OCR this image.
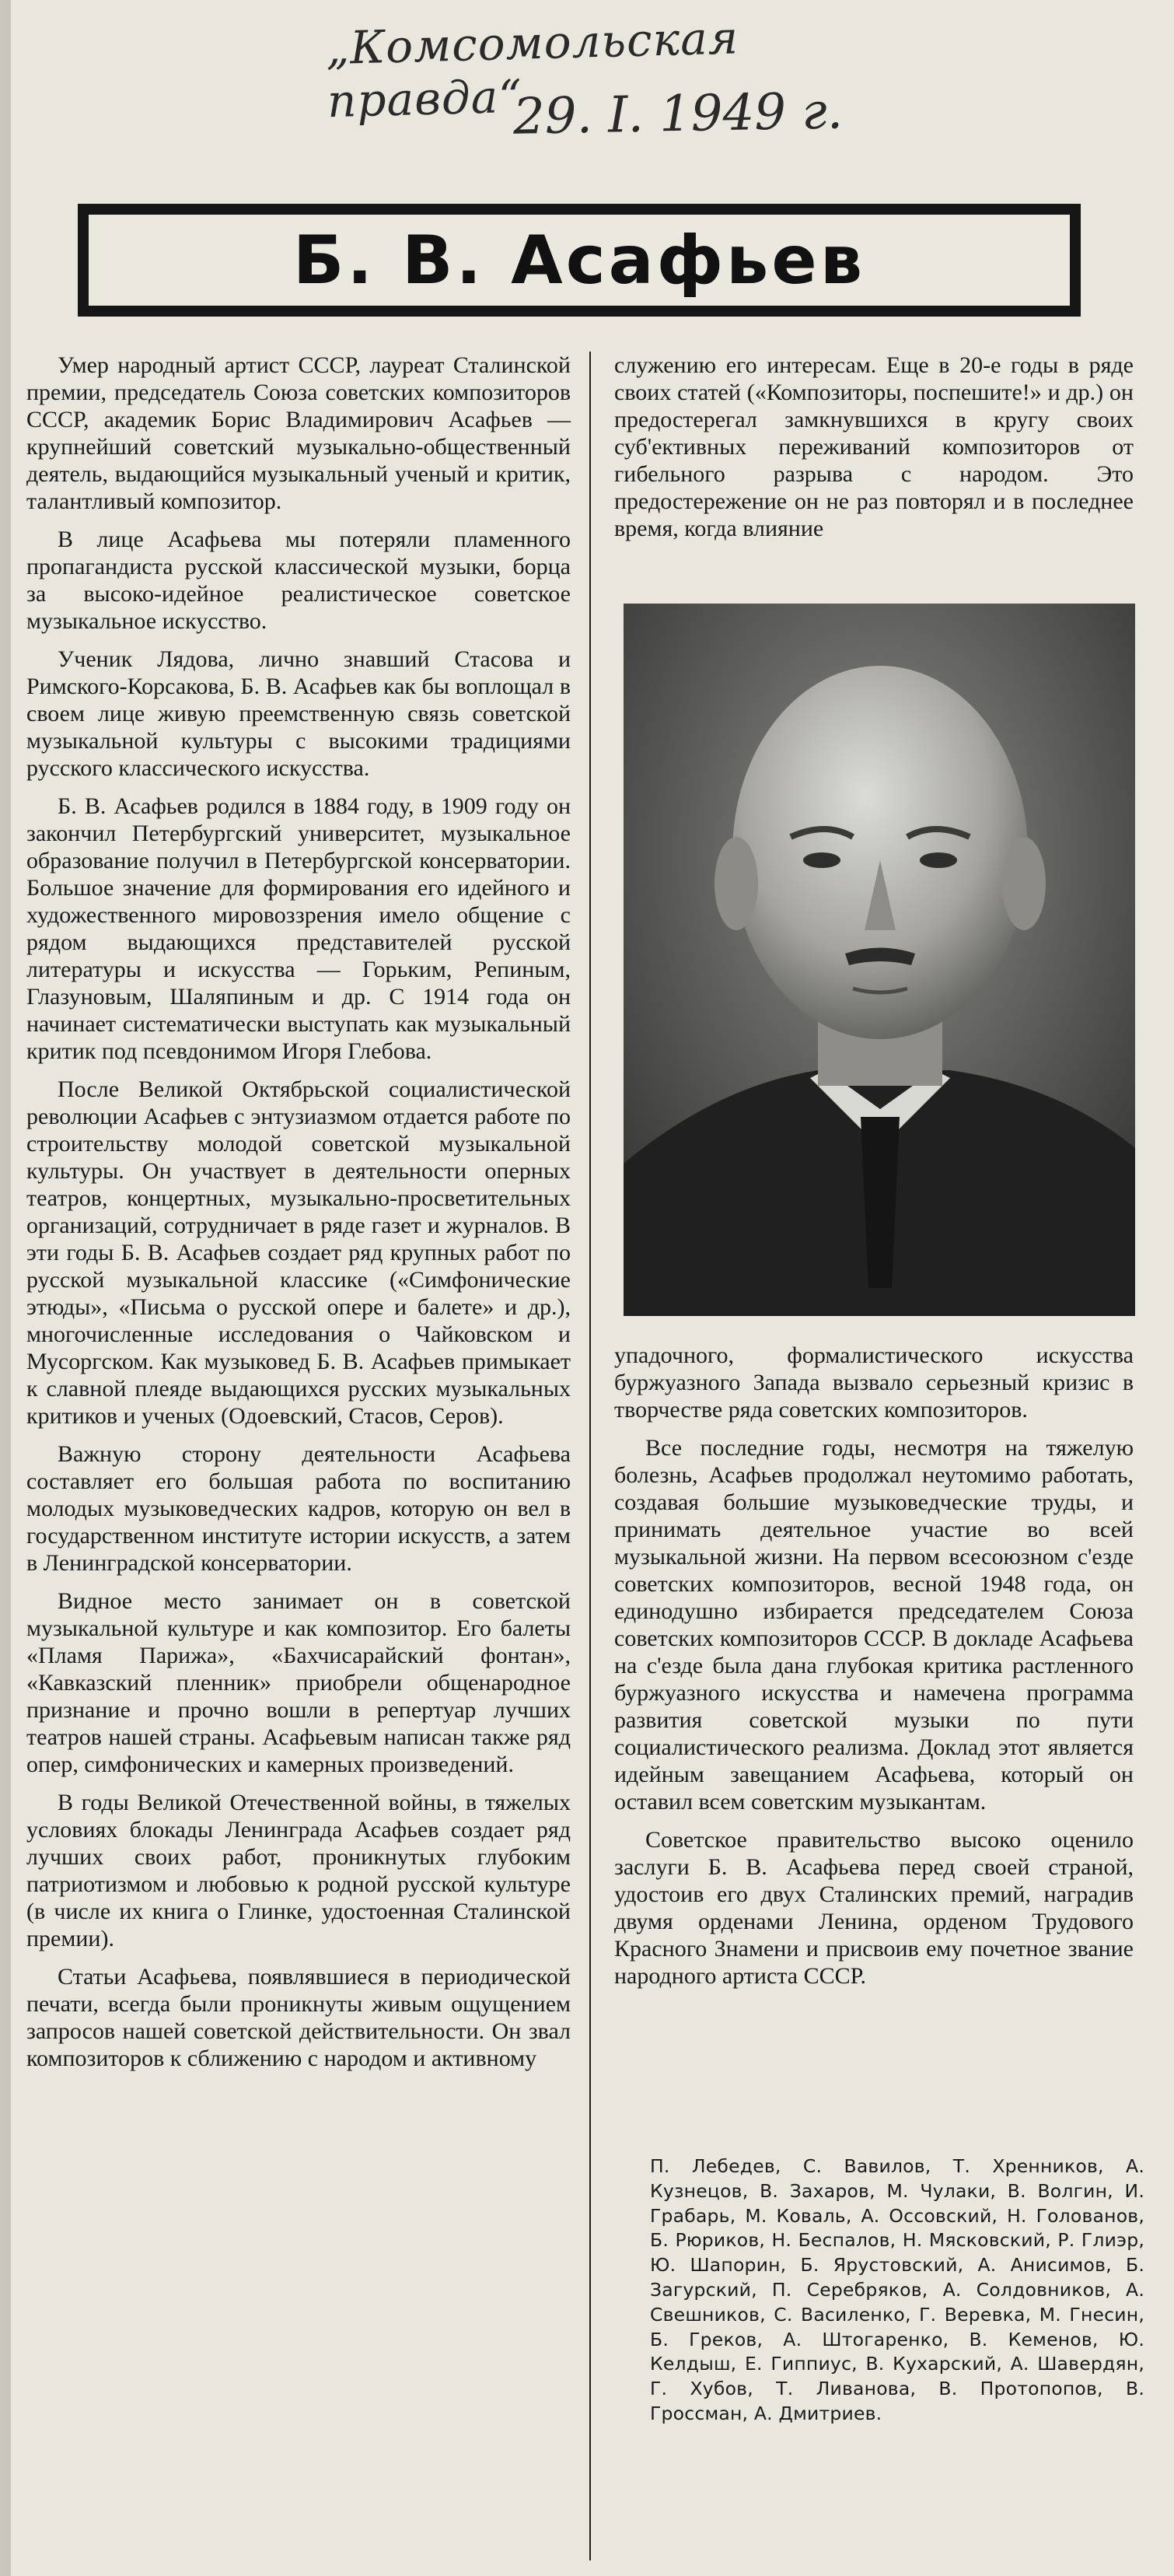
„Комсомольская правда“
29. I. 1949 г.
Б. В. Асафьев

Умер народный артист СССР, лауреат Сталинской премии, председатель Союза советских композиторов СССР, академик Борис Владимирович Асафьев — крупнейший советский музыкально-общественный деятель, выдающийся музыкальный ученый и критик, талантливый композитор.

В лице Асафьева мы потеряли пламенного пропагандиста русской классической музыки, борца за высоко-идейное реалистическое советское музыкальное искусство.

Ученик Лядова, лично знавший Стасова и Римского-Корсакова, Б. В. Асафьев как бы воплощал в своем лице живую преемственную связь советской музыкальной культуры с высокими традициями русского классического искусства.

Б. В. Асафьев родился в 1884 году, в 1909 году он закончил Петербургский университет, музыкальное образование получил в Петербургской консерватории. Большое значение для формирования его идейного и художественного мировоззрения имело общение с рядом выдающихся представителей русской литературы и искусства — Горьким, Репиным, Глазуновым, Шаляпиным и др. С 1914 года он начинает систематически выступать как музыкальный критик под псевдонимом Игоря Глебова.

После Великой Октябрьской социалистической революции Асафьев с энтузиазмом отдается работе по строительству молодой советской музыкальной культуры. Он участвует в деятельности оперных театров, концертных, музыкально-просветительных организаций, сотрудничает в ряде газет и журналов. В эти годы Б. В. Асафьев создает ряд крупных работ по русской музыкальной классике («Симфонические этюды», «Письма о русской опере и балете» и др.), многочисленные исследования о Чайковском и Мусоргском. Как музыковед Б. В. Асафьев примыкает к славной плеяде выдающихся русских музыкальных критиков и ученых (Одоевский, Стасов, Серов).

Важную сторону деятельности Асафьева составляет его большая работа по воспитанию молодых музыковедческих кадров, которую он вел в государственном институте истории искусств, а затем в Ленинградской консерватории.

Видное место занимает он в советской музыкальной культуре и как композитор. Его балеты «Пламя Парижа», «Бахчисарайский фонтан», «Кавказский пленник» приобрели общенародное признание и прочно вошли в репертуар лучших театров нашей страны. Асафьевым написан также ряд опер, симфонических и камерных произведений.

В годы Великой Отечественной войны, в тяжелых условиях блокады Ленинграда Асафьев создает ряд лучших своих работ, проникнутых глубоким патриотизмом и любовью к родной русской культуре (в числе их книга о Глинке, удостоенная Сталинской премии).

Статьи Асафьева, появлявшиеся в периодической печати, всегда были проникнуты живым ощущением запросов нашей советской действительности. Он звал композиторов к сближению с народом и активному

служению его интересам. Еще в 20-е годы в ряде своих статей («Композиторы, поспешите!» и др.) он предостерегал замкнувшихся в кругу своих суб'ективных переживаний композиторов от гибельного разрыва с народом. Это предостережение он не раз повторял и в последнее время, когда влияние

упадочного, формалистического искусства буржуазного Запада вызвало серьезный кризис в творчестве ряда советских композиторов.

Все последние годы, несмотря на тяжелую болезнь, Асафьев продолжал неутомимо работать, создавая большие музыковедческие труды, и принимать деятельное участие во всей музыкальной жизни. На первом всесоюзном с'езде советских композиторов, весной 1948 года, он единодушно избирается председателем Союза советских композиторов СССР. В докладе Асафьева на с'езде была дана глубокая критика растленного буржуазного искусства и намечена программа развития советской музыки по пути социалистического реализма. Доклад этот является идейным завещанием Асафьева, который он оставил всем советским музыкантам.

Советское правительство высоко оценило заслуги Б. В. Асафьева перед своей страной, удостоив его двух Сталинских премий, наградив двумя орденами Ленина, орденом Трудового Красного Знамени и присвоив ему почетное звание народного артиста СССР.

П. Лебедев, С. Вавилов, Т. Хренников, А. Кузнецов, В. Захаров, М. Чулаки, В. Волгин, И. Грабарь, М. Коваль, А. Оссовский, Н. Голованов, Б. Рюриков, Н. Беспалов, Н. Мясковский, Р. Глиэр, Ю. Шапорин, Б. Ярустовский, А. Анисимов, Б. Загурский, П. Серебряков, А. Солдовников, А. Свешников, С. Василенко, Г. Веревка, М. Гнесин, Б. Греков, А. Штогаренко, В. Кеменов, Ю. Келдыш, Е. Гиппиус, В. Кухарский, А. Шавердян, Г. Хубов, Т. Ливанова, В. Протопопов, В. Гроссман, А. Дмитриев.
